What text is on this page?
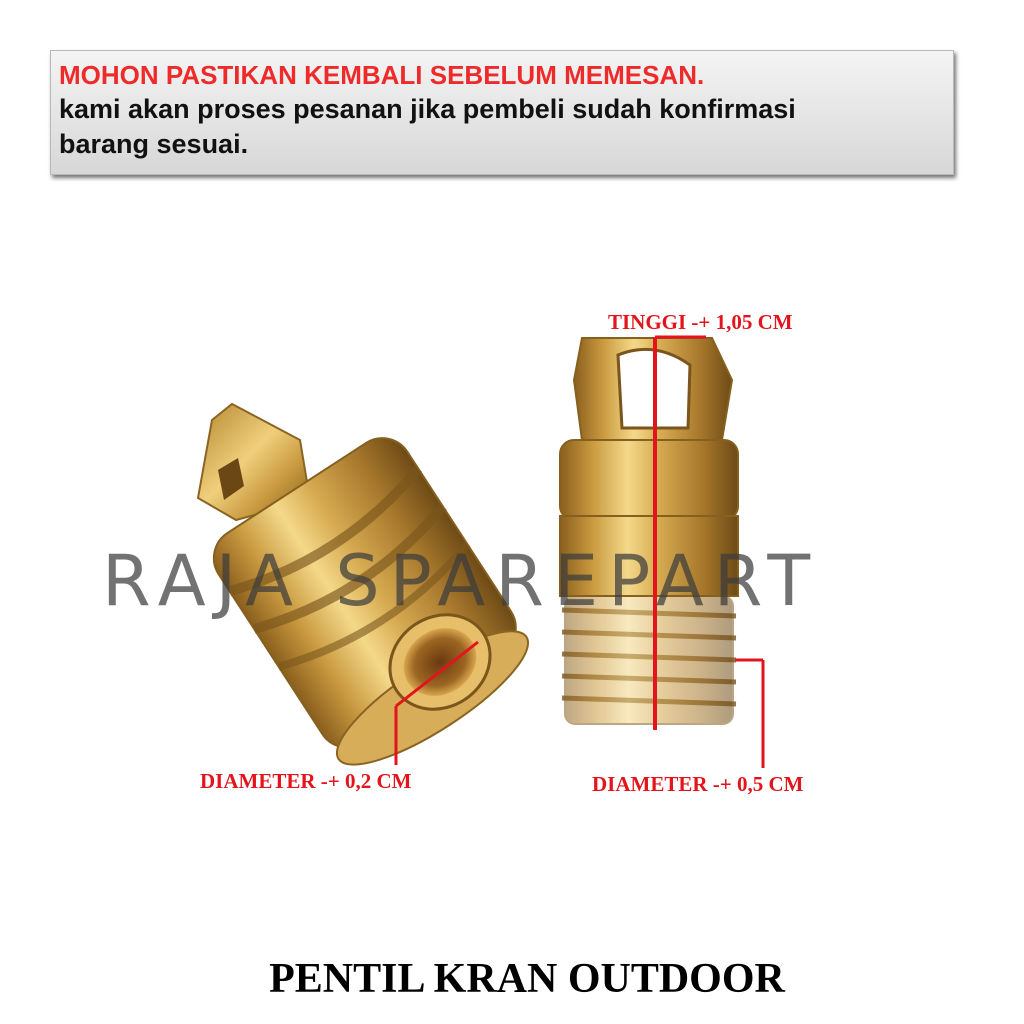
MOHON PASTIKAN KEMBALI SEBELUM MEMESAN.
kami akan proses pesanan jika pembeli sudah konfirmasi
barang sesuai.
RAJA SPAREPART
TINGGI -+ 1,05 CM
DIAMETER -+ 0,2 CM	DIAMETER -+ 0,5 CM
PENTIL KRAN OUTDOOR
